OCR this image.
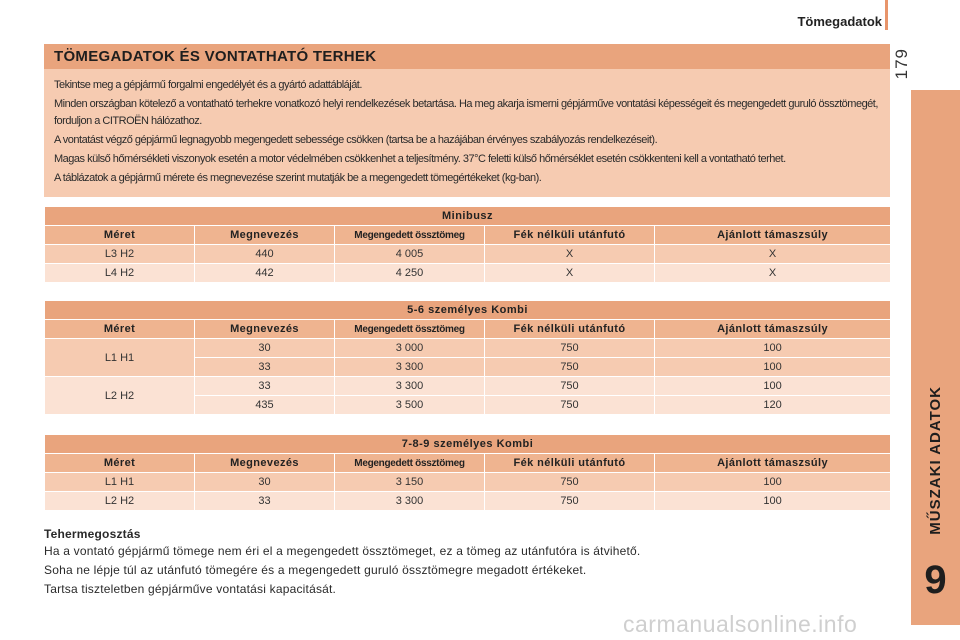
Tömegadatok
179
MŰSZAKI ADATOK
9
TÖMEGADATOK ÉS VONTATHATÓ TERHEK

Tekintse meg a gépjármű forgalmi engedélyét és a gyártó adattábláját.

Minden országban kötelező a vontatható terhekre vonatkozó helyi rendelkezések betartása. Ha meg akarja ismerni gépjárműve vontatási képességeit és megengedett guruló össztömegét, forduljon a CITROËN hálózathoz.

A vontatást végző gépjármű legnagyobb megengedett sebessége csökken (tartsa be a hazájában érvényes szabályozás rendelkezéseit).

Magas külső hőmérsékleti viszonyok esetén a motor védelmében csökkenhet a teljesítmény. 37°C feletti külső hőmérséklet esetén csökkenteni kell a vontatható terhet.

A táblázatok a gépjármű mérete és megnevezése szerint mutatják be a megengedett tömegértékeket (kg-ban).

Minibusz				
Méret	Megnevezés	Megengedett össztömeg	Fék nélküli utánfutó	Ajánlott támaszsúly
L3 H2	440	4 005	X	X
L4 H2	442	4 250	X	X
5-6 személyes Kombi				
Méret	Megnevezés	Megengedett össztömeg	Fék nélküli utánfutó	Ajánlott támaszsúly
L1 H1	30	3 000	750	100
	33	3 300	750	100
L2 H2	33	3 300	750	100
	435	3 500	750	120
7-8-9 személyes Kombi				
Méret	Megnevezés	Megengedett össztömeg	Fék nélküli utánfutó	Ajánlott támaszsúly
L1 H1	30	3 150	750	100
L2 H2	33	3 300	750	100
Tehermegosztás

Ha a vontató gépjármű tömege nem éri el a megengedett össztömeget, ez a tömeg az utánfutóra is átvihető.

Soha ne lépje túl az utánfutó tömegére és a megengedett guruló össztömegre megadott értékeket.

Tartsa tiszteletben gépjárműve vontatási kapacitását.

carmanualsonline.info
